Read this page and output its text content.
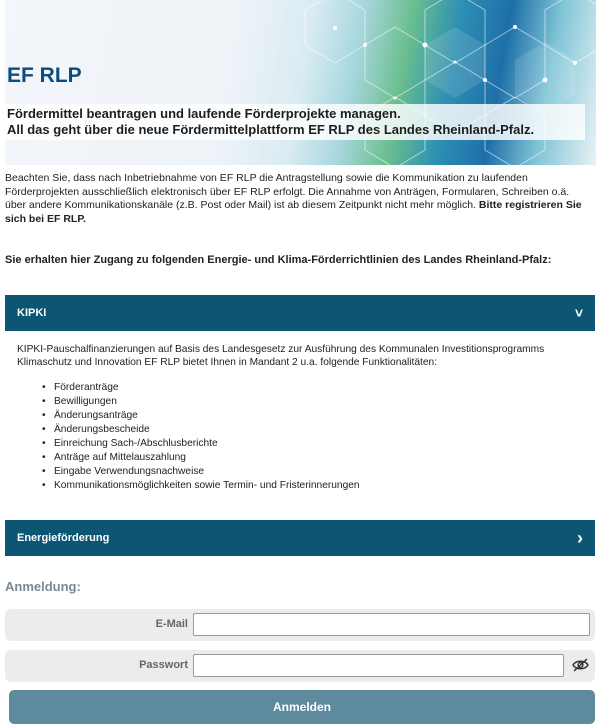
EF RLP
Fördermittel beantragen und laufende Förderprojekte managen.
All das geht über die neue Fördermittelplattform EF RLP des Landes Rheinland-Pfalz.
Beachten Sie, dass nach Inbetriebnahme von EF RLP die Antragstellung sowie die Kommunikation zu laufenden Förderprojekten ausschließlich elektronisch über EF RLP erfolgt. Die Annahme von Anträgen, Formularen, Schreiben o.ä. über andere Kommunikationskanäle (z.B. Post oder Mail) ist ab diesem Zeitpunkt nicht mehr möglich. Bitte registrieren Sie sich bei EF RLP.
Sie erhalten hier Zugang zu folgenden Energie- und Klima-Förderrichtlinien des Landes Rheinland-Pfalz:
KIPKI	˅

KIPKI-Pauschalfinanzierungen auf Basis des Landesgesetz zur Ausführung des Kommunalen Investitionsprogramms Klimaschutz und Innovation EF RLP bietet Ihnen in Mandant 2 u.a. folgende Funktionalitäten:

• Förderanträge
• Bewilligungen
• Änderungsanträge
• Änderungsbescheide
• Einreichung Sach-/Abschlusberichte
• Anträge auf Mittelauszahlung
• Eingabe Verwendungsnachweise
• Kommunikationsmöglichkeiten sowie Termin- und Fristerinnerungen
Energieförderung	›
Anmeldung:
E-Mail
Passwort
Anmelden
